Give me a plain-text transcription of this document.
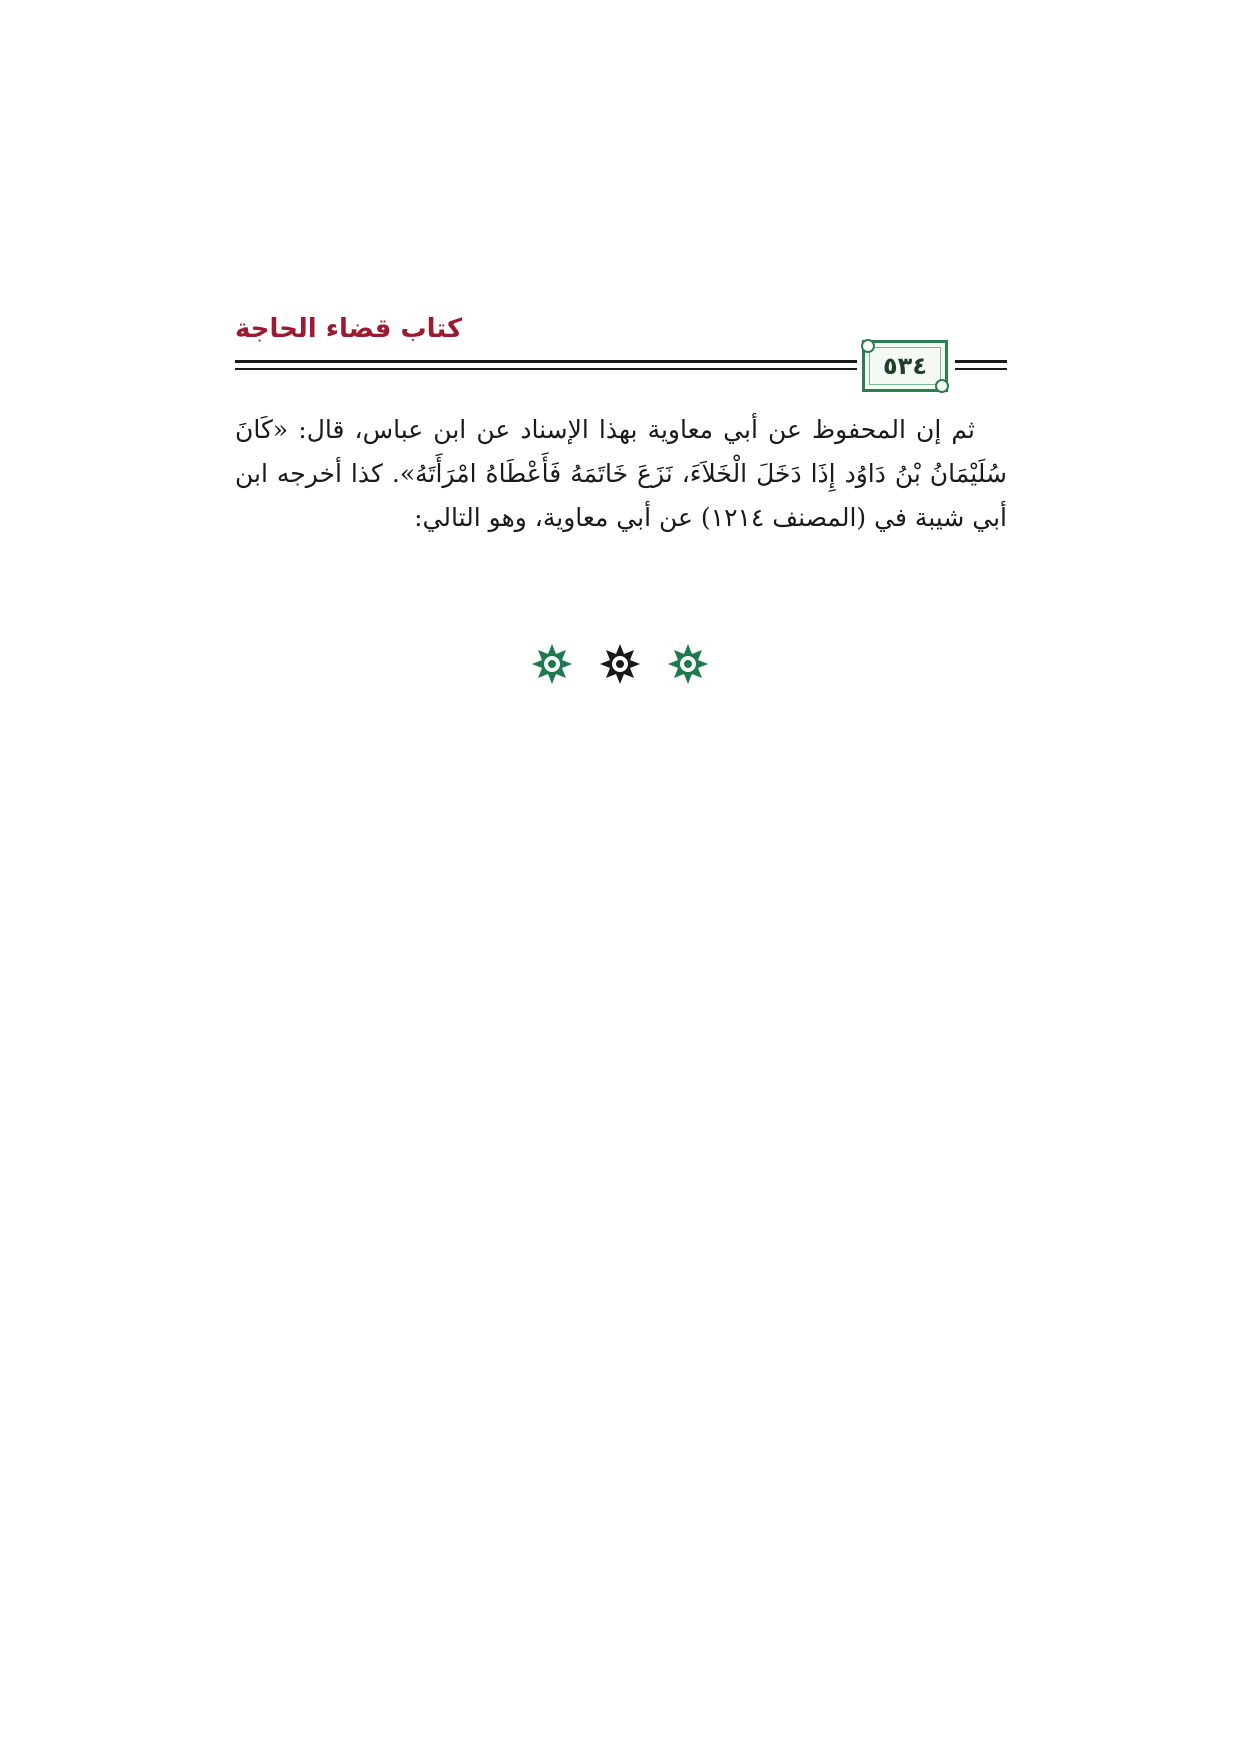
كتاب قضاء الحاجة
٥٣٤

ثم إن المحفوظ عن أبي معاوية بهذا الإسناد عن ابن عباس، قال: «كَانَ سُلَيْمَانُ بْنُ دَاوُد إِذَا دَخَلَ الْخَلاَءَ، نَزَعَ خَاتَمَهُ فَأَعْطَاهُ امْرَأَتَهُ». كذا أخرجه ابن أبي شيبة في (المصنف ١٢١٤) عن أبي معاوية، وهو التالي:
